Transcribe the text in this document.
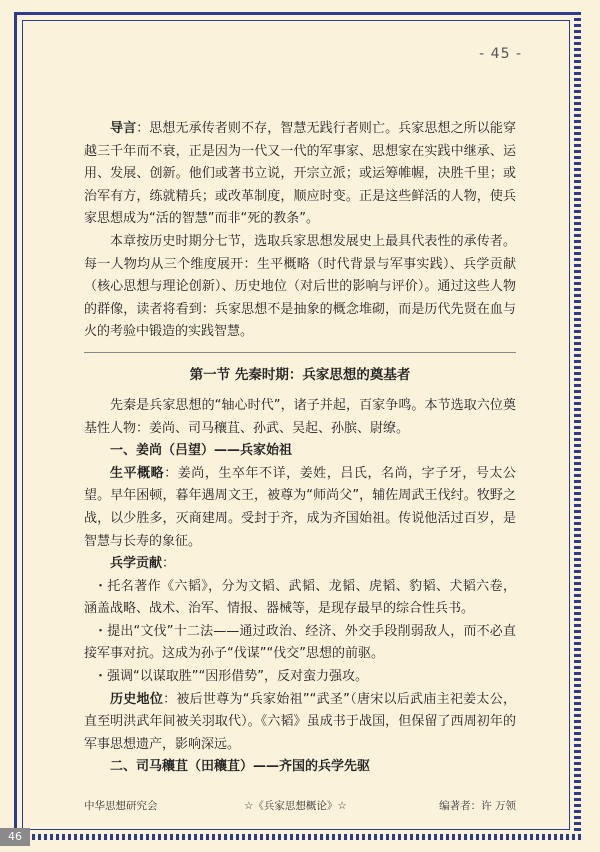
- 45 -

导言：思想无承传者则不存，智慧无践行者则亡。兵家思想之所以能穿越三千年而不衰，正是因为一代又一代的军事家、思想家在实践中继承、运用、发展、创新。他们或著书立说，开宗立派；或运筹帷幄，决胜千里；或治军有方，练就精兵；或改革制度，顺应时变。正是这些鲜活的人物，使兵家思想成为“活的智慧”而非“死的教条”。

本章按历史时期分七节，选取兵家思想发展史上最具代表性的承传者。每一人物均从三个维度展开：生平概略（时代背景与军事实践）、兵学贡献（核心思想与理论创新）、历史地位（对后世的影响与评价）。通过这些人物的群像，读者将看到：兵家思想不是抽象的概念堆砌，而是历代先贤在血与火的考验中锻造的实践智慧。

第一节 先秦时期：兵家思想的奠基者

先秦是兵家思想的“轴心时代”，诸子并起，百家争鸣。本节选取六位奠基性人物：姜尚、司马穰苴、孙武、吴起、孙膑、尉缭。

一、姜尚（吕望）——兵家始祖

生平概略：姜尚，生卒年不详，姜姓，吕氏，名尚，字子牙，号太公望。早年困顿，暮年遇周文王，被尊为“师尚父”，辅佐周武王伐纣。牧野之战，以少胜多，灭商建周。受封于齐，成为齐国始祖。传说他活过百岁，是智慧与长寿的象征。

兵学贡献：

・托名著作《六韬》，分为文韬、武韬、龙韬、虎韬、豹韬、犬韬六卷，涵盖战略、战术、治军、情报、器械等，是现存最早的综合性兵书。

・提出“文伐”十二法——通过政治、经济、外交手段削弱敌人，而不必直接军事对抗。这成为孙子“伐谋”“伐交”思想的前驱。

・强调“以谋取胜”“因形借势”，反对蛮力强攻。

历史地位：被后世尊为“兵家始祖”“武圣”（唐宋以后武庙主祀姜太公，直至明洪武年间被关羽取代）。《六韬》虽成书于战国，但保留了西周初年的军事思想遗产，影响深远。

二、司马穰苴（田穰苴）——齐国的兵学先驱

中华思想研究会	☆《兵家思想概论》☆	编著者：许 万领
46
